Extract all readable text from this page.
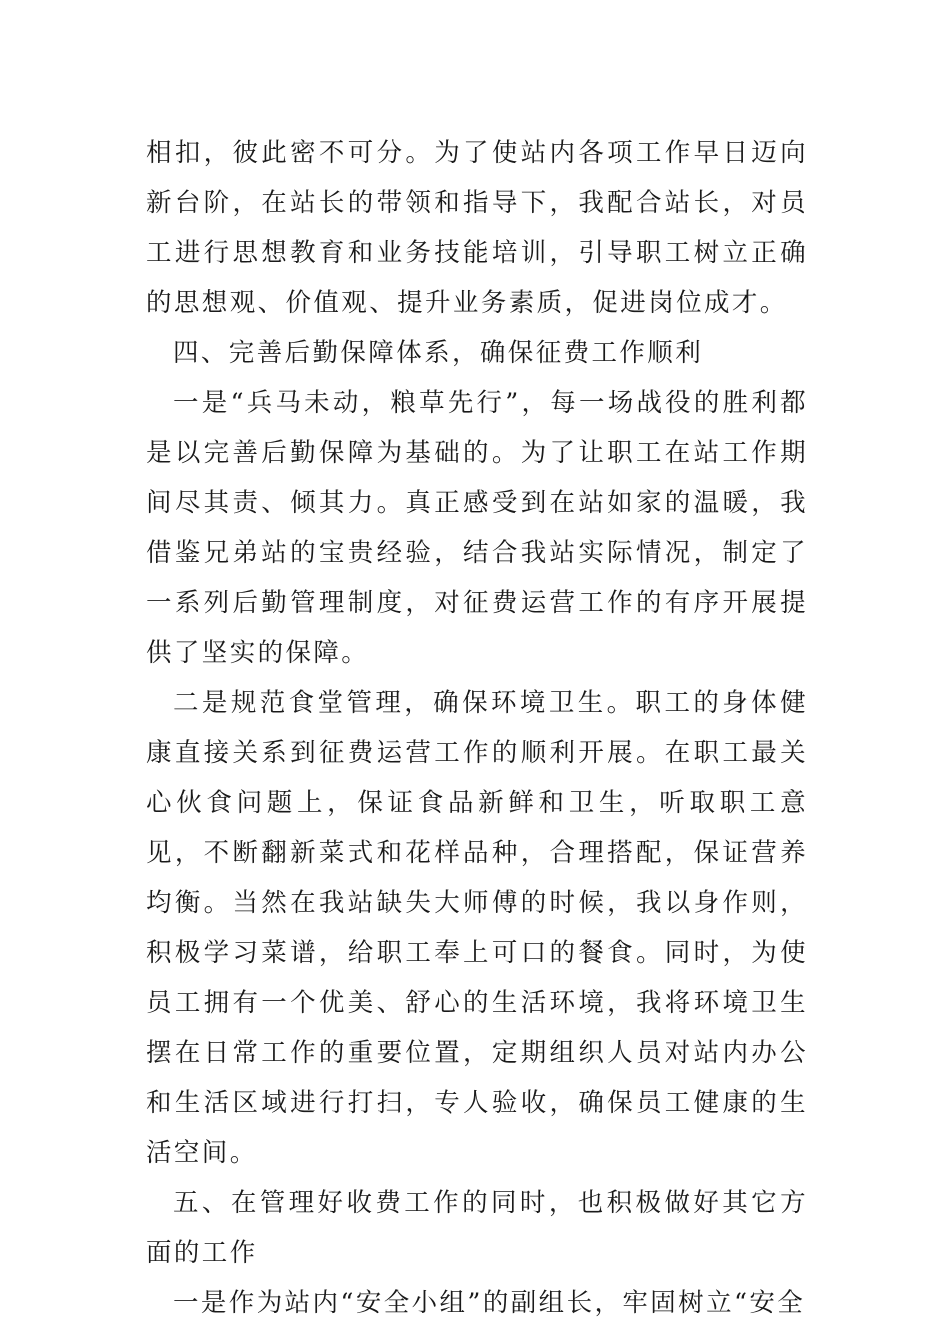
相扣，彼此密不可分。为了使站内各项工作早日迈向新台阶，在站长的带领和指导下，我配合站长，对员工进行思想教育和业务技能培训，引导职工树立正确的思想观、价值观、提升业务素质，促进岗位成才。

四、完善后勤保障体系，确保征费工作顺利

一是“兵马未动，粮草先行”，每一场战役的胜利都是以完善后勤保障为基础的。为了让职工在站工作期间尽其责、倾其力。真正感受到在站如家的温暖，我借鉴兄弟站的宝贵经验，结合我站实际情况，制定了一系列后勤管理制度，对征费运营工作的有序开展提供了坚实的保障。

二是规范食堂管理，确保环境卫生。职工的身体健康直接关系到征费运营工作的顺利开展。在职工最关心伙食问题上，保证食品新鲜和卫生，听取职工意见，不断翻新菜式和花样品种，合理搭配，保证营养均衡。当然在我站缺失大师傅的时候，我以身作则，积极学习菜谱，给职工奉上可口的餐食。同时，为使员工拥有一个优美、舒心的生活环境，我将环境卫生摆在日常工作的重要位置，定期组织人员对站内办公和生活区域进行打扫，专人验收，确保员工健康的生活空间。

五、在管理好收费工作的同时，也积极做好其它方面的工作

一是作为站内“安全小组”的副组长，牢固树立“安全
